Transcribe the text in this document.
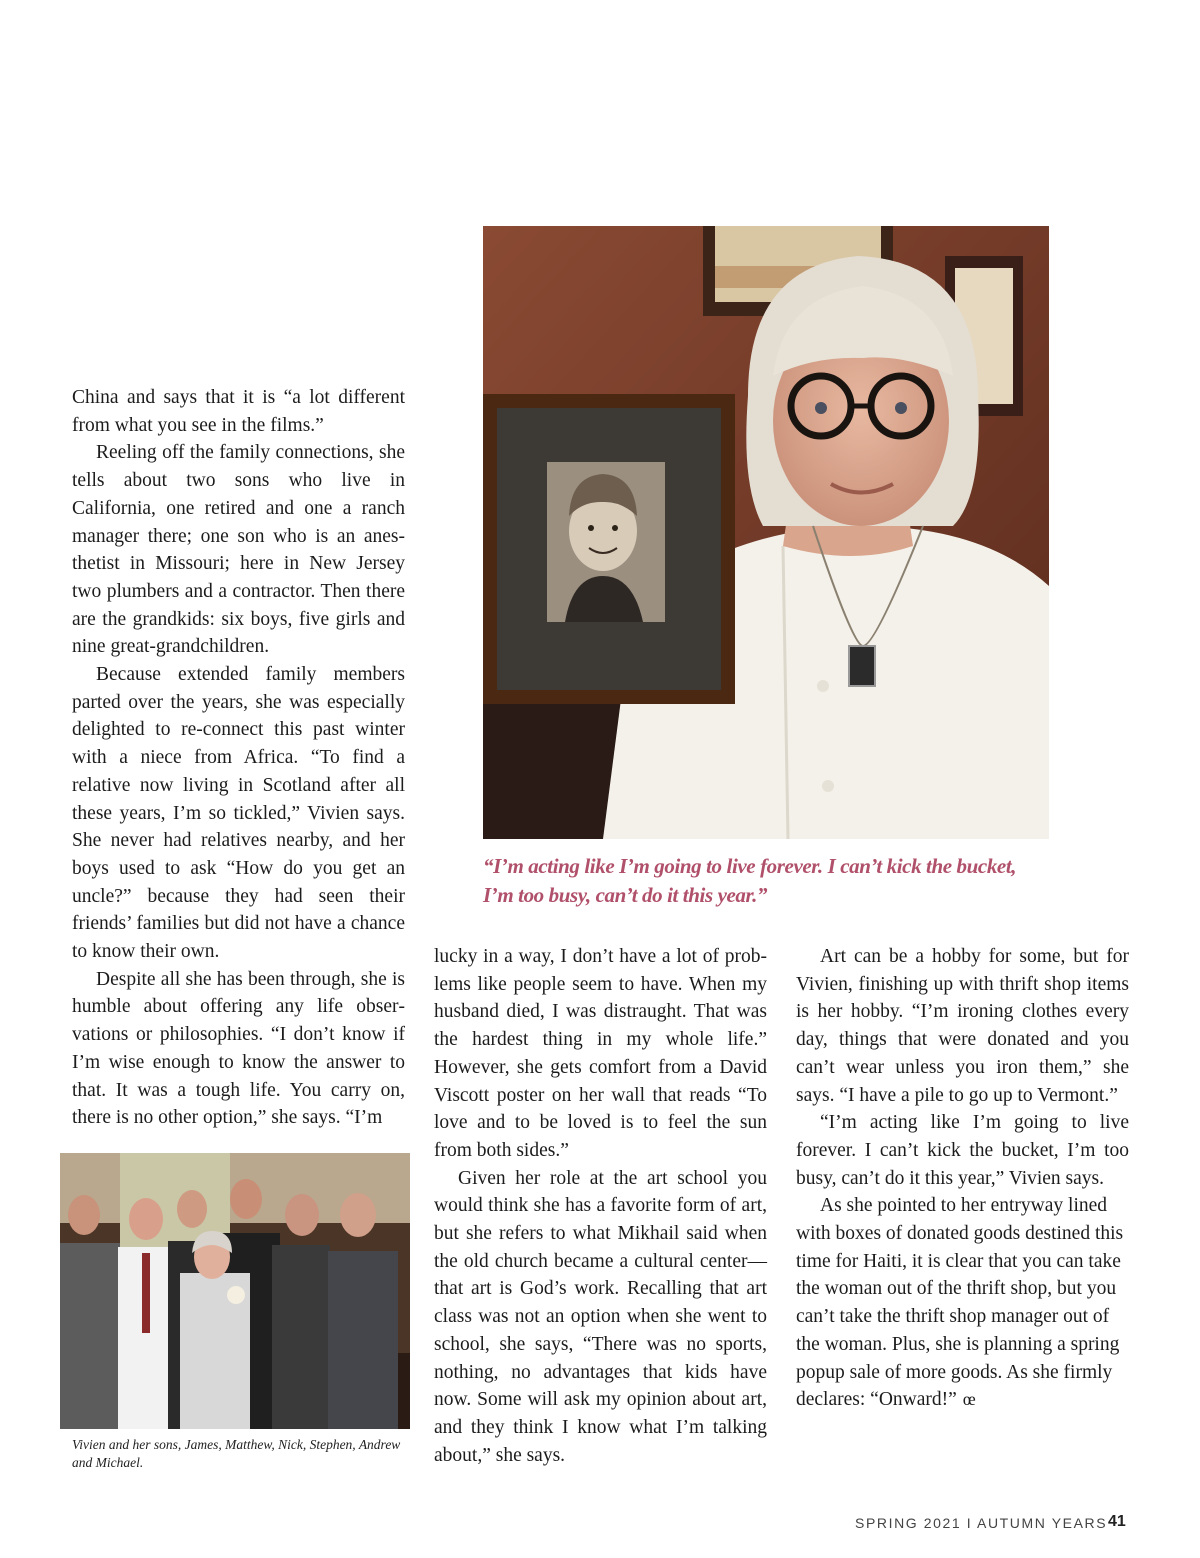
“I’m acting like I’m going to live forever. I can’t kick the bucket,
I’m too busy, can’t do it this year.”

China and says that it is “a lot different from what you see in the films.”

Reeling off the family connections, she tells about two sons who live in California, one retired and one a ranch manager there; one son who is an anesthetist in Missouri; here in New Jersey two plumbers and a contractor. Then there are the grandkids: six boys, five girls and nine great-grandchildren.

Because extended family members parted over the years, she was especially delighted to re-connect this past winter with a niece from Africa. “To find a relative now living in Scotland after all these years, I’m so tickled,” Vivien says. She never had relatives nearby, and her boys used to ask “How do you get an uncle?” because they had seen their friends’ families but did not have a chance to know their own.

Despite all she has been through, she is humble about offering any life observations or philosophies. “I don’t know if I’m wise enough to know the answer to that. It was a tough life. You carry on, there is no other option,” she says. “I’m

Vivien and her sons, James, Matthew, Nick, Stephen, Andrew and Michael.

lucky in a way, I don’t have a lot of problems like people seem to have. When my husband died, I was distraught. That was the hardest thing in my whole life.” However, she gets comfort from a David Viscott poster on her wall that reads “To love and to be loved is to feel the sun from both sides.”

Given her role at the art school you would think she has a favorite form of art, but she refers to what Mikhail said when the old church became a cultural center—that art is God’s work. Recalling that art class was not an option when she went to school, she says, “There was no sports, nothing, no advantages that kids have now. Some will ask my opinion about art, and they think I know what I’m talking about,” she says.

Art can be a hobby for some, but for Vivien, finishing up with thrift shop items is her hobby. “I’m ironing clothes every day, things that were donated and you can’t wear unless you iron them,” she says. “I have a pile to go up to Vermont.”

“I’m acting like I’m going to live forever. I can’t kick the bucket, I’m too busy, can’t do it this year,” Vivien says.

As she pointed to her entryway lined with boxes of donated goods destined this time for Haiti, it is clear that you can take the woman out of the thrift shop, but you can’t take the thrift shop manager out of the woman. Plus, she is planning a spring popup sale of more goods. As she firmly declares: “Onward!” œ

SPRING 2021 I AUTUMN YEARS 41
